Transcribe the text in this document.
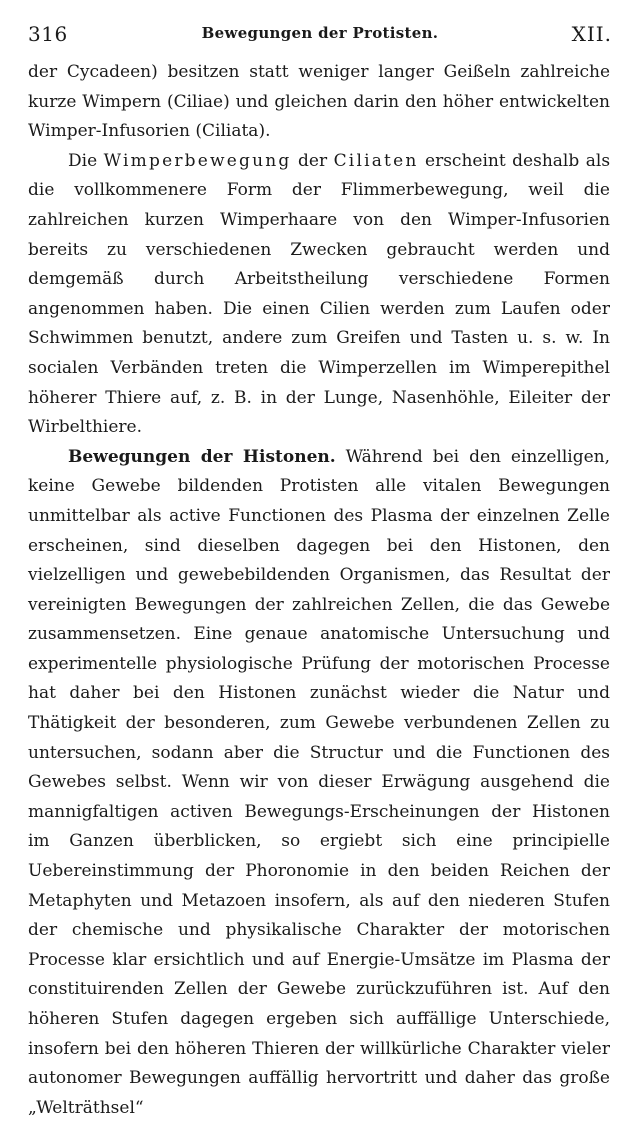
316	Bewegungen der Protisten.	XII.

der Cycadeen) besitzen statt weniger langer Geißeln zahlreiche kurze Wimpern (Ciliae) und gleichen darin den höher entwickelten Wimper-Infusorien (Ciliata).

Die Wimperbewegung der Ciliaten erscheint deshalb als die vollkommenere Form der Flimmerbewegung, weil die zahlreichen kurzen Wimperhaare von den Wimper-Infusorien bereits zu verschiedenen Zwecken gebraucht werden und demgemäß durch Arbeitstheilung verschiedene Formen angenommen haben. Die einen Cilien werden zum Laufen oder Schwimmen benutzt, andere zum Greifen und Tasten u. s. w. In socialen Verbänden treten die Wimperzellen im Wimperepithel höherer Thiere auf, z. B. in der Lunge, Nasenhöhle, Eileiter der Wirbelthiere.

Bewegungen der Histonen. Während bei den einzelligen, keine Gewebe bildenden Protisten alle vitalen Bewegungen unmittelbar als active Functionen des Plasma der einzelnen Zelle erscheinen, sind dieselben dagegen bei den Histonen, den vielzelligen und gewebebildenden Organismen, das Resultat der vereinigten Bewegungen der zahlreichen Zellen, die das Gewebe zusammensetzen. Eine genaue anatomische Untersuchung und experimentelle physiologische Prüfung der motorischen Processe hat daher bei den Histonen zunächst wieder die Natur und Thätigkeit der besonderen, zum Gewebe verbundenen Zellen zu untersuchen, sodann aber die Structur und die Functionen des Gewebes selbst. Wenn wir von dieser Erwägung ausgehend die mannigfaltigen activen Bewegungs-Erscheinungen der Histonen im Ganzen überblicken, so ergiebt sich eine principielle Uebereinstimmung der Phoronomie in den beiden Reichen der Metaphyten und Metazoen insofern, als auf den niederen Stufen der chemische und physikalische Charakter der motorischen Processe klar ersichtlich und auf Energie-Umsätze im Plasma der constituirenden Zellen der Gewebe zurückzuführen ist. Auf den höheren Stufen dagegen ergeben sich auffällige Unterschiede, insofern bei den höheren Thieren der willkürliche Charakter vieler autonomer Bewegungen auffällig hervortritt und daher das große „Welträthsel“
